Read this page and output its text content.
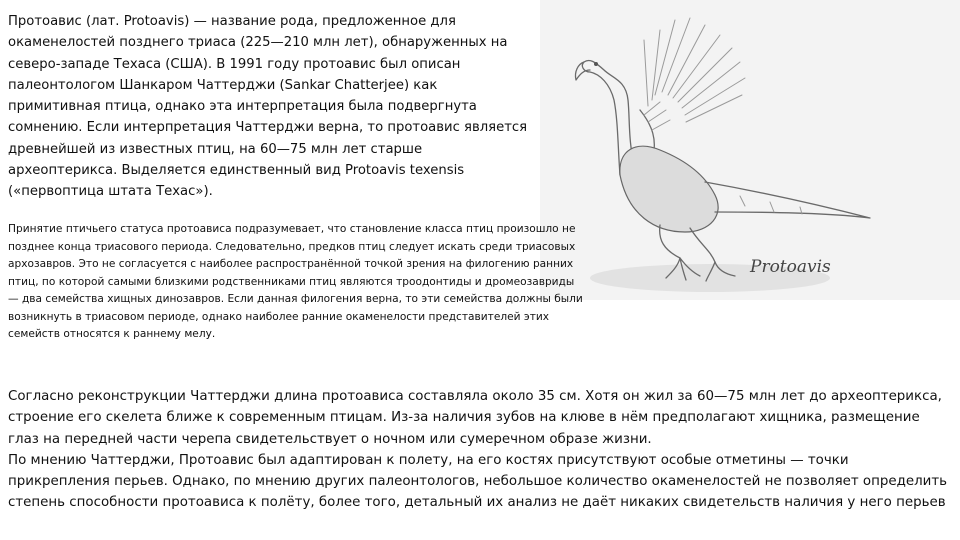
Протоавис (лат. Protoavis) — название рода, предложенное для окаменелостей позднего триаса (225—210 млн лет), обнаруженных на северо-западе Техаса (США). В 1991 году протоавис был описан палеонтологом Шанкаром Чаттерджи (Sankar Chatterjee) как примитивная птица, однако эта интерпретация была подвергнута сомнению. Если интерпретация Чаттерджи верна, то протоавис является древнейшей из известных птиц, на 60—75 млн лет старше археоптерикса. Выделяется единственный вид Protoavis texensis («первоптица штата Техас»).

Protoavis

Принятие птичьего статуса протоависа подразумевает, что становление класса птиц произошло не позднее конца триасового периода. Следовательно, предков птиц следует искать среди триасовых архозавров. Это не согласуется с наиболее распространённой точкой зрения на филогению ранних птиц, по которой самыми близкими родственниками птиц являются троодонтиды и дромеозавриды — два семейства хищных динозавров. Если данная филогения верна, то эти семейства должны были возникнуть в триасовом периоде, однако наиболее ранние окаменелости представителей этих семейств относятся к раннему мелу.

Согласно реконструкции Чаттерджи длина протоависа составляла около 35 см. Хотя он жил за 60—75 млн лет до археоптерикса, строение его скелета ближе к современным птицам. Из-за наличия зубов на клюве в нём предполагают хищника, размещение глаз на передней части черепа свидетельствует о ночном или сумеречном образе жизни.

По мнению Чаттерджи, Протоавис был адаптирован к полету, на его костях присутствуют особые отметины — точки прикрепления перьев. Однако, по мнению других палеонтологов, небольшое количество окаменелостей не позволяет определить степень способности протоависа к полёту, более того, детальный их анализ не даёт никаких свидетельств наличия у него перьев
